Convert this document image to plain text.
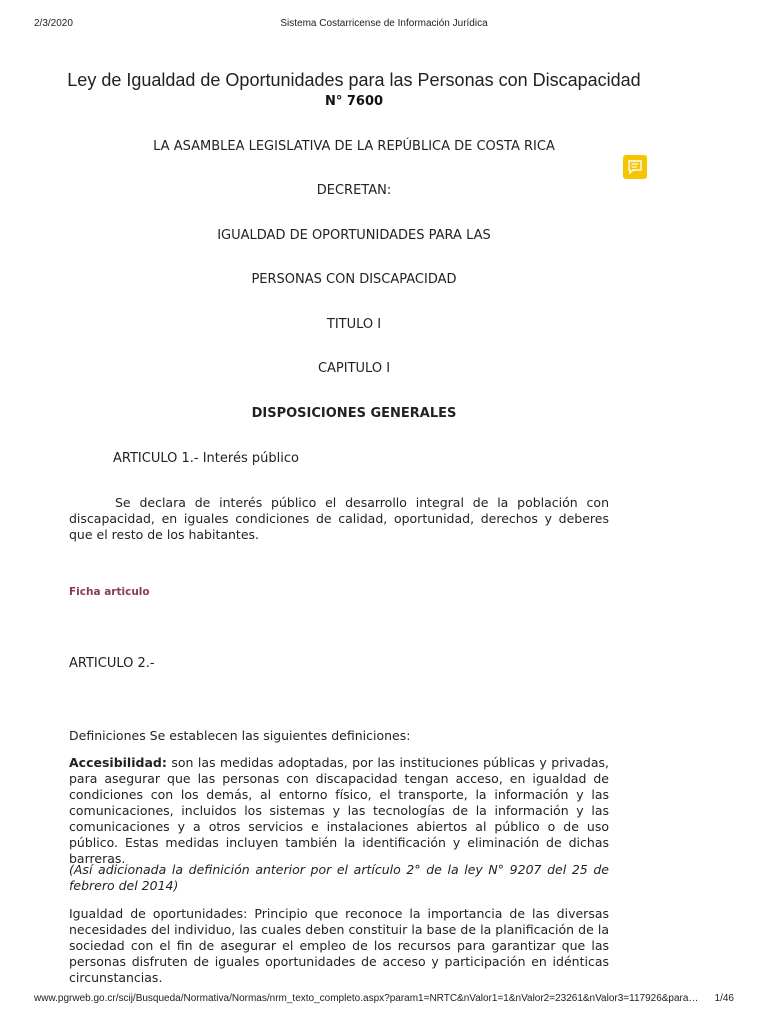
2/3/2020	Sistema Costarricense de Información Jurídica
Ley de Igualdad de Oportunidades para las Personas con Discapacidad
N° 7600
LA ASAMBLEA LEGISLATIVA DE LA REPÚBLICA DE COSTA RICA
DECRETAN:
IGUALDAD DE OPORTUNIDADES PARA LAS
PERSONAS CON DISCAPACIDAD
TITULO I
CAPITULO I
DISPOSICIONES GENERALES
ARTICULO 1.- Interés público
Se declara de interés público el desarrollo integral de la población con discapacidad, en iguales condiciones de calidad, oportunidad, derechos y deberes que el resto de los habitantes.
Ficha articulo
ARTICULO 2.-
Definiciones Se establecen las siguientes definiciones:
Accesibilidad: son las medidas adoptadas, por las instituciones públicas y privadas, para asegurar que las personas con discapacidad tengan acceso, en igualdad de condiciones con los demás, al entorno físico, el transporte, la información y las comunicaciones, incluidos los sistemas y las tecnologías de la información y las comunicaciones y a otros servicios e instalaciones abiertos al público o de uso público. Estas medidas incluyen también la identificación y eliminación de dichas barreras.
(Así adicionada la definición anterior por el artículo 2° de la ley N° 9207 del 25 de febrero del 2014)
Igualdad de oportunidades: Principio que reconoce la importancia de las diversas necesidades del individuo, las cuales deben constituir la base de la planificación de la sociedad con el fin de asegurar el empleo de los recursos para garantizar que las personas disfruten de iguales oportunidades de acceso y participación en idénticas circunstancias.
www.pgrweb.go.cr/scij/Busqueda/Normativa/Normas/nrm_texto_completo.aspx?param1=NRTC&nValor1=1&nValor2=23261&nValor3=117926&para… 1/46
